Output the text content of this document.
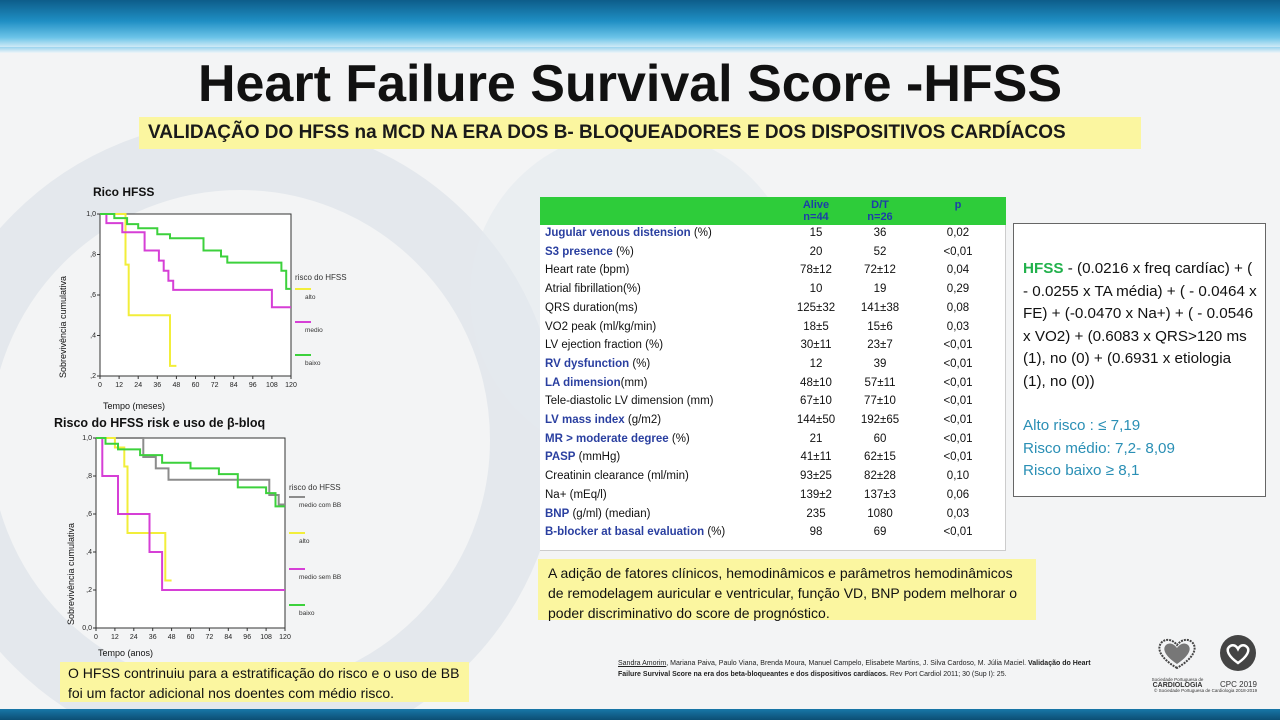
Heart Failure Survival Score -HFSS
VALIDAÇÃO DO HFSS na MCD NA ERA DOS B- BLOQUEADORES E DOS DISPOSITIVOS CARDÍACOS
Rico HFSS
0 12 24 36 48 60 72 84 96 108 120
,2
,4
,6
,8
1,0
risco do HFSS
alto
medio
baixo
Tempo (meses)
Sobrevivência cumulativa
Risco do HFSS risk e uso de β-bloq
0 12 24 36 48 60 72 84 96 108 120
0,0
,2
,4
,6
,8
1,0
risco do HFSS
medio com BB
alto
medio sem BB
baixo
Tempo (anos)
Sobrevivência cumulativa
Alive
n=44
D/T
n=26
p
Jugular venous distension (%)	15	36	0,02
S3 presence (%)	20	52	<0,01
Heart rate (bpm)	78±12	72±12	0,04
Atrial fibrillation(%)	10	19	0,29
QRS duration(ms)	125±32	141±38	0,08
VO2 peak (ml/kg/min)	18±5	15±6	0,03
LV ejection fraction (%)	30±11	23±7	<0,01
RV dysfunction (%)	12	39	<0,01
LA dimension(mm)	48±10	57±11	<0,01
Tele-diastolic LV dimension (mm)	67±10	77±10	<0,01
LV mass index (g/m2)	144±50	192±65	<0,01
MR > moderate degree (%)	21	60	<0,01
PASP (mmHg)	41±11	62±15	<0,01
Creatinin clearance (ml/min)	93±25	82±28	0,10
Na+ (mEq/l)	139±2	137±3	0,06
BNP (g/ml) (median)	235	1080	0,03
B-blocker at basal evaluation (%)	98	69	<0,01
HFSS - (0.0216 x freq cardíac) + ( - 0.0255 x TA média) + ( - 0.0464 x FE) + (-0.0470 x Na+) + ( - 0.0546 x VO2) + (0.6083 x QRS>120 ms (1), no (0) + (0.6931 x etiologia (1), no (0))
Alto risco : ≤ 7,19
Risco médio: 7,2- 8,09
Risco baixo ≥ 8,1
A adição de fatores clínicos, hemodinâmicos e parâmetros hemodinâmicos de remodelagem auricular e ventricular, função VD, BNP podem melhorar o poder discriminativo do score de prognóstico.
O HFSS contrinuiu para a estratificação do risco e o uso de BB foi um factor adicional nos doentes com médio risco.
Sandra Amorim, Mariana Paiva, Paulo Viana, Brenda Moura, Manuel Campelo, Elisabete Martins, J. Silva Cardoso, M. Júlia Maciel. Validação do Heart Failure Survival Score na era dos beta-bloqueantes e dos dispositivos cardíacos. Rev Port Cardiol 2011; 30 (Sup I): 25.
Sociedade Portuguesa de
CARDIOLOGIA	CPC 2019
© Sociedade Portuguesa de Cardiologia 2018-2019
